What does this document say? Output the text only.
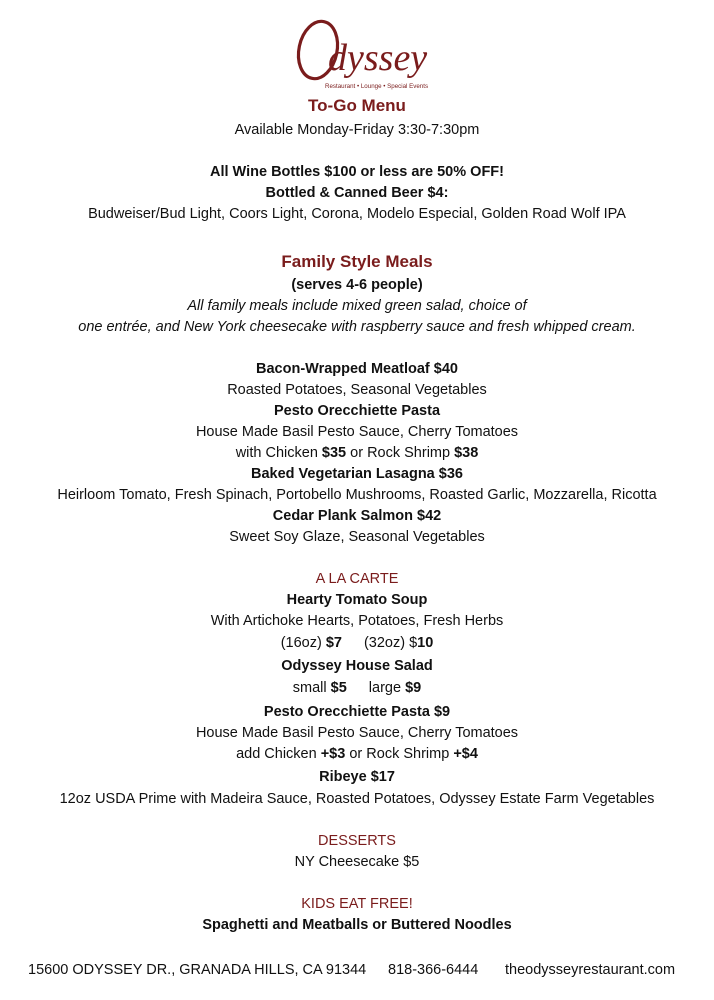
dyssey
Restaurant • Lounge • Special Events
To-Go Menu
Available Monday-Friday 3:30-7:30pm
All Wine Bottles $100 or less are 50% OFF!
Bottled & Canned Beer $4:
Budweiser/Bud Light, Coors Light, Corona, Modelo Especial, Golden Road Wolf IPA
Family Style Meals
(serves 4-6 people)
All family meals include mixed green salad, choice of
one entrée, and New York cheesecake with raspberry sauce and fresh whipped cream.
Bacon-Wrapped Meatloaf $40
Roasted Potatoes, Seasonal Vegetables
Pesto Orecchiette Pasta
House Made Basil Pesto Sauce, Cherry Tomatoes
with Chicken $35 or Rock Shrimp $38
Baked Vegetarian Lasagna $36
Heirloom Tomato, Fresh Spinach, Portobello Mushrooms, Roasted Garlic, Mozzarella, Ricotta
Cedar Plank Salmon $42
Sweet Soy Glaze, Seasonal Vegetables
A LA CARTE
Hearty Tomato Soup
With Artichoke Hearts, Potatoes, Fresh Herbs
(16oz) $7 (32oz) $10
Odyssey House Salad
small $5 large $9
Pesto Orecchiette Pasta $9
House Made Basil Pesto Sauce, Cherry Tomatoes
add Chicken +$3 or Rock Shrimp +$4
Ribeye $17
12oz USDA Prime with Madeira Sauce, Roasted Potatoes, Odyssey Estate Farm Vegetables
DESSERTS
NY Cheesecake $5
KIDS EAT FREE!
Spaghetti and Meatballs or Buttered Noodles
15600 ODYSSEY DR., GRANADA HILLS, CA 91344 818-366-6444 theodysseyrestaurant.com
